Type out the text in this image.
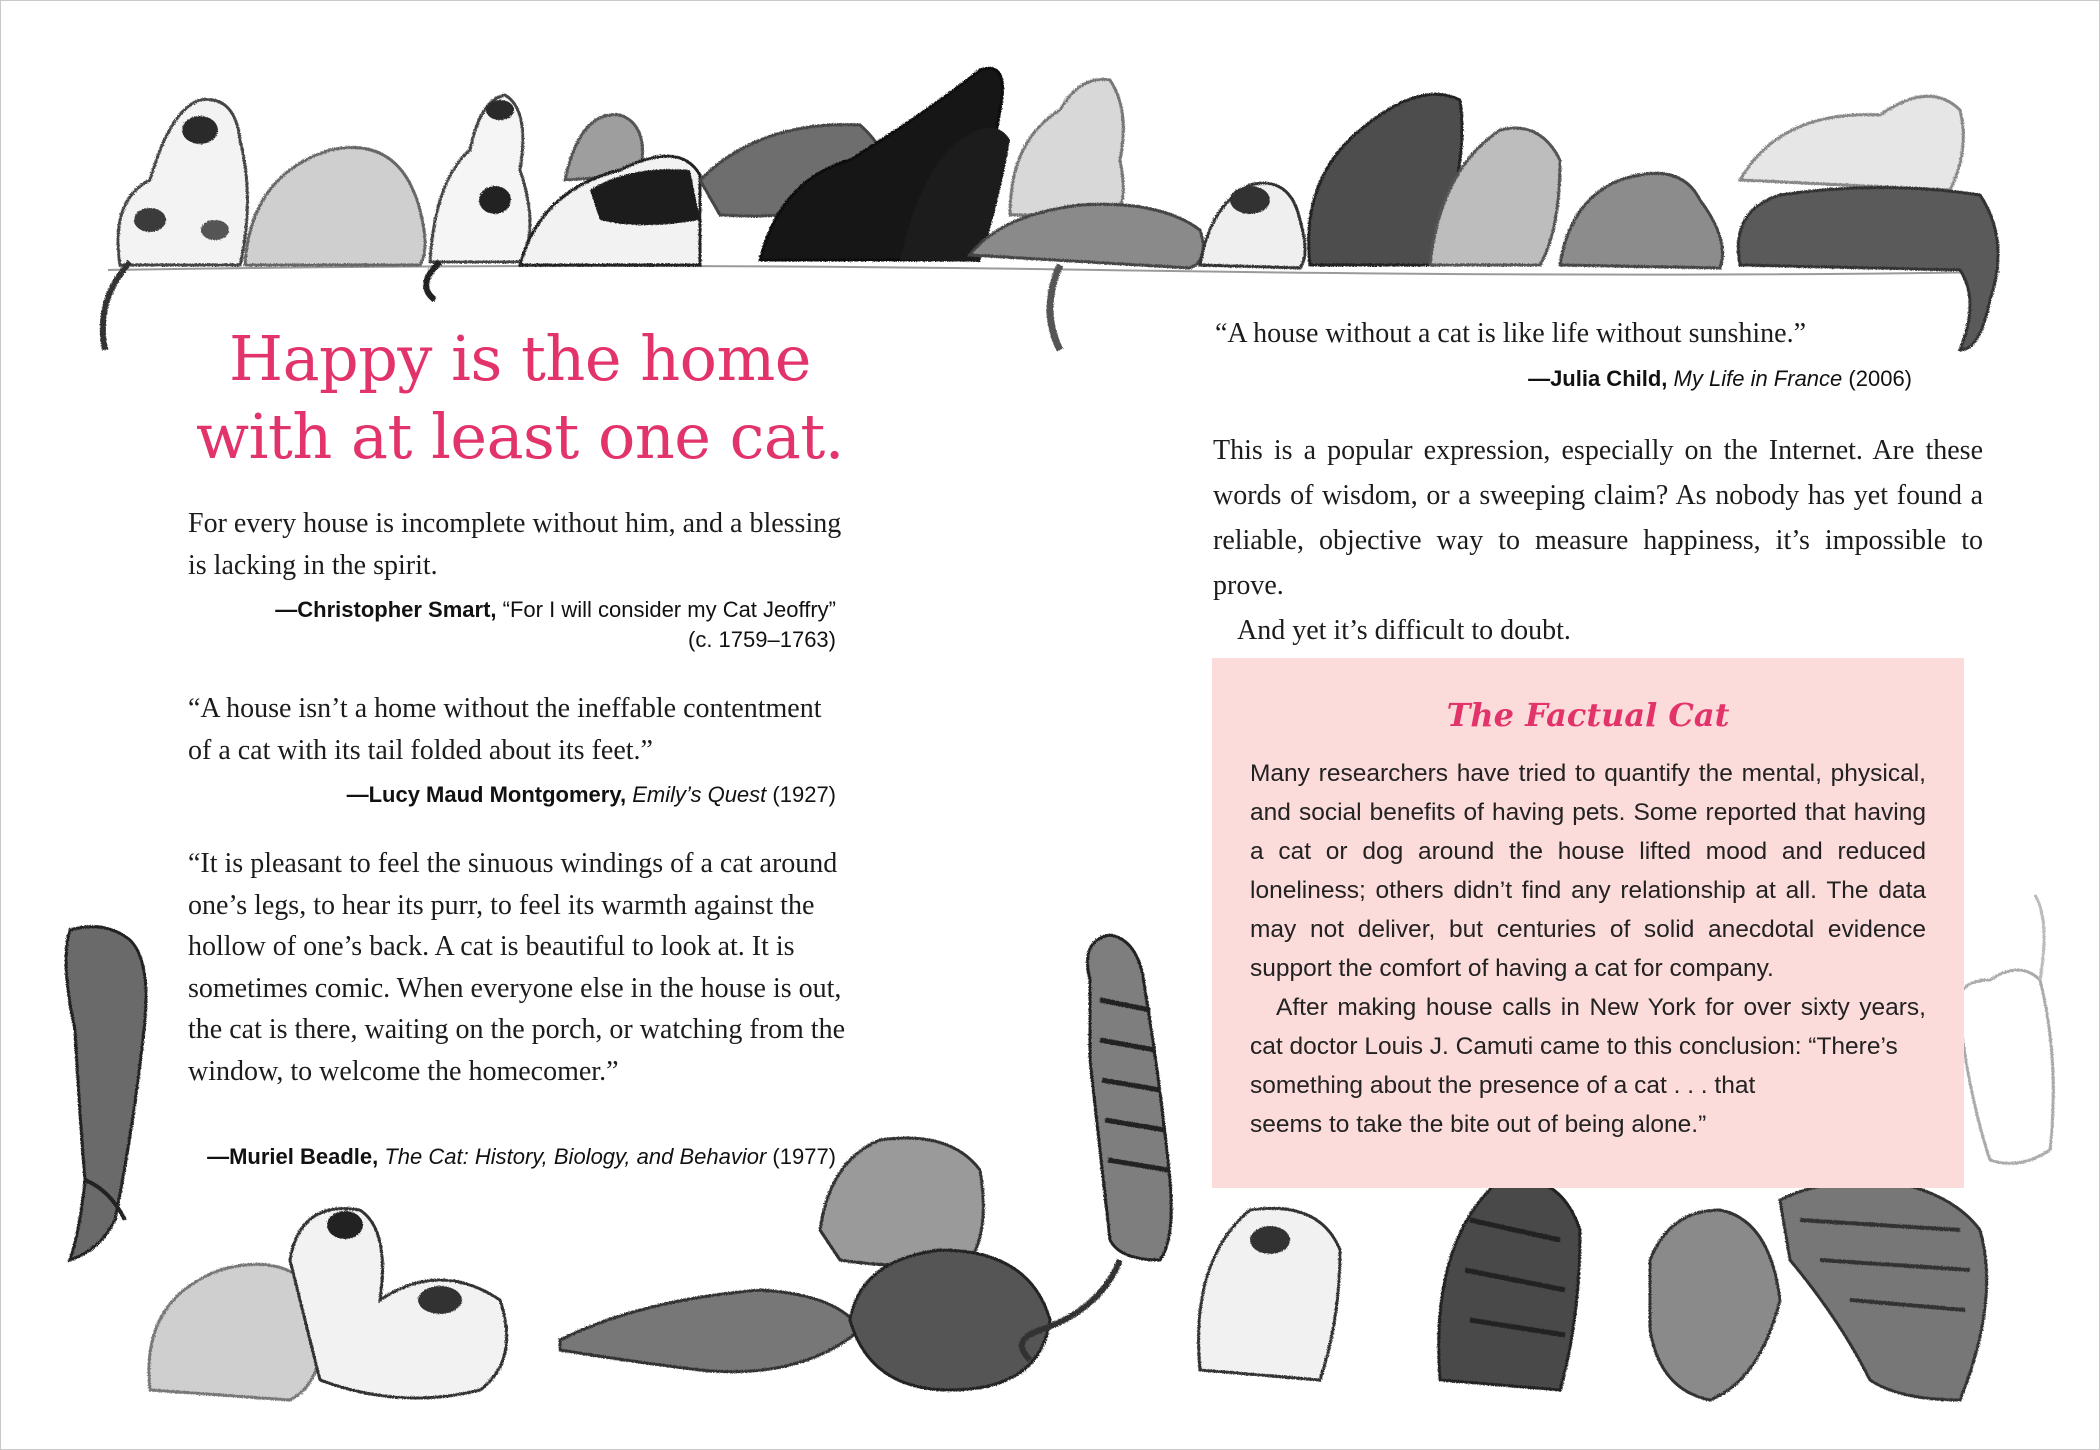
Happy is the home
with at least one cat.
For every house is incomplete without him, and a blessing is lacking in the spirit.
—Christopher Smart, “For I will consider my Cat Jeoffry”
(c. 1759–1763)
“A house isn’t a home without the ineffable contentment of a cat with its tail folded about its feet.”
—Lucy Maud Montgomery, Emily’s Quest (1927)
“It is pleasant to feel the sinuous windings of a cat around one’s legs, to hear its purr, to feel its warmth against the hollow of one’s back. A cat is beautiful to look at. It is sometimes comic. When everyone else in the house is out, the cat is there, waiting on the porch, or watching from the window, to welcome the homecomer.”
—Muriel Beadle, The Cat: History, Biology, and Behavior (1977)
“A house without a cat is like life without sunshine.”
—Julia Child, My Life in France (2006)
This is a popular expression, especially on the Internet. Are these words of wisdom, or a sweeping claim? As nobody has yet found a reliable, objective way to measure happiness, it’s impossible to prove.
And yet it’s difficult to doubt.
The Factual Cat
Many researchers have tried to quantify the mental, physical, and social benefits of having pets. Some reported that having a cat or dog around the house lifted mood and reduced loneliness; others didn’t find any relationship at all. The data may not deliver, but centuries of solid anecdotal evidence support the comfort of having a cat for company.
After making house calls in New York for over sixty years, cat doctor Louis J. Camuti came to this conclusion: “There’s
something about the presence of a cat . . . that seems to take the bite out of being alone.”
